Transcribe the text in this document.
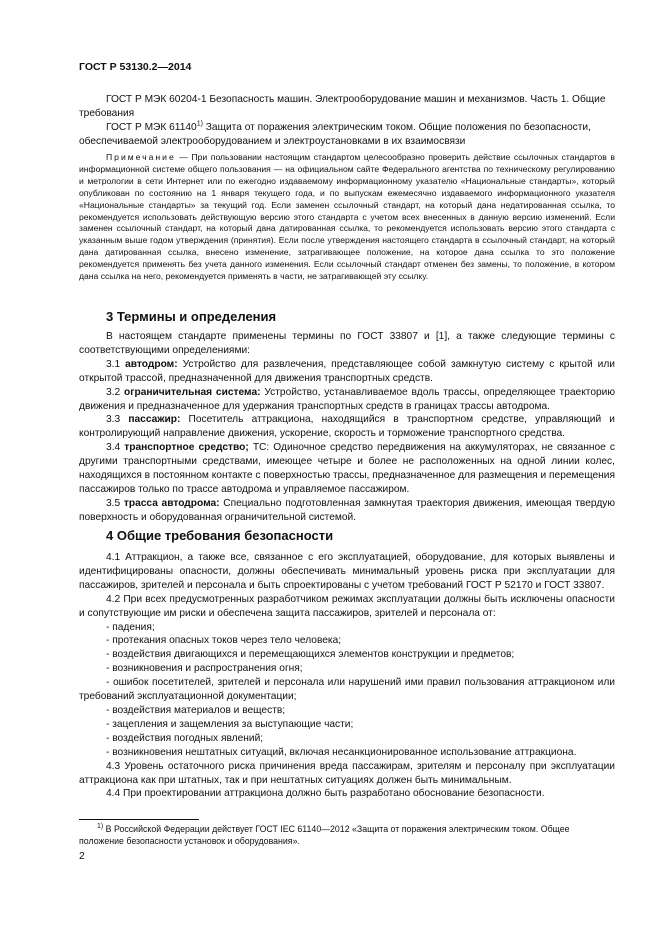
ГОСТ Р 53130.2—2014

ГОСТ Р МЭК 60204-1 Безопасность машин. Электрооборудование машин и механизмов. Часть 1. Общие требования

ГОСТ Р МЭК 61140$^{1)}$ Защита от поражения электрическим током. Общие положения по безопасности, обеспечиваемой электрооборудованием и электроустановками в их взаимосвязи

Примечание — При пользовании настоящим стандартом целесообразно проверить действие ссылочных стандартов в информационной системе общего пользования — на официальном сайте Федерального агентства по техническому регулированию и метрологии в сети Интернет или по ежегодно издаваемому информационному указателю «Национальные стандарты», который опубликован по состоянию на 1 января текущего года, и по выпускам ежемесячно издаваемого информационного указателя «Национальные стандарты» за текущий год. Если заменен ссылочный стандарт, на который дана недатированная ссылка, то рекомендуется использовать действующую версию этого стандарта с учетом всех внесенных в данную версию изменений. Если заменен ссылочный стандарт, на который дана датированная ссылка, то рекомендуется использовать версию этого стандарта с указанным выше годом утверждения (принятия). Если после утверждения настоящего стандарта в ссылочный стандарт, на который дана датированная ссылка, внесено изменение, затрагивающее положение, на которое дана ссылка то это положение рекомендуется применять без учета данного изменения. Если ссылочный стандарт отменен без замены, то положение, в котором дана ссылка на него, рекомендуется применять в части, не затрагивающей эту ссылку.

3 Термины и определения

В настоящем стандарте применены термины по ГОСТ 33807 и [1], а также следующие термины с соответствующими определениями:

3.1 автодром: Устройство для развлечения, представляющее собой замкнутую систему с крытой или открытой трассой, предназначенной для движения транспортных средств.

3.2 ограничительная система: Устройство, устанавливаемое вдоль трассы, определяющее траекторию движения и предназначенное для удержания транспортных средств в границах трассы автодрома.

3.3 пассажир: Посетитель аттракциона, находящийся в транспортном средстве, управляющий и контролирующий направление движения, ускорение, скорость и торможение транспортного средства.

3.4 транспортное средство; ТС: Одиночное средство передвижения на аккумуляторах, не связанное с другими транспортными средствами, имеющее четыре и более не расположенных на одной линии колес, находящихся в постоянном контакте с поверхностью трассы, предназначенное для размещения и перемещения пассажиров только по трассе автодрома и управляемое пассажиром.

3.5 трасса автодрома: Специально подготовленная замкнутая траектория движения, имеющая твердую поверхность и оборудованная ограничительной системой.

4 Общие требования безопасности

4.1 Аттракцион, а также все, связанное с его эксплуатацией, оборудование, для которых выявлены и идентифицированы опасности, должны обеспечивать минимальный уровень риска при эксплуатации для пассажиров, зрителей и персонала и быть спроектированы с учетом требований ГОСТ Р 52170 и ГОСТ 33807.

4.2 При всех предусмотренных разработчиком режимах эксплуатации должны быть исключены опасности и сопутствующие им риски и обеспечена защита пассажиров, зрителей и персонала от:

- падения;

- протекания опасных токов через тело человека;

- воздействия двигающихся и перемещающихся элементов конструкции и предметов;

- возникновения и распространения огня;

- ошибок посетителей, зрителей и персонала или нарушений ими правил пользования аттракционом или требований эксплуатационной документации;

- воздействия материалов и веществ;

- зацепления и защемления за выступающие части;

- воздействия погодных явлений;

- возникновения нештатных ситуаций, включая несанкционированное использование аттракциона.

4.3 Уровень остаточного риска причинения вреда пассажирам, зрителям и персоналу при эксплуатации аттракциона как при штатных, так и при нештатных ситуациях должен быть минимальным.

4.4 При проектировании аттракциона должно быть разработано обоснование безопасности.

$^{1)}$ В Российской Федерации действует ГОСТ IEC 61140—2012 «Защита от поражения электрическим током. Общее положение безопасности установок и оборудования».

2
